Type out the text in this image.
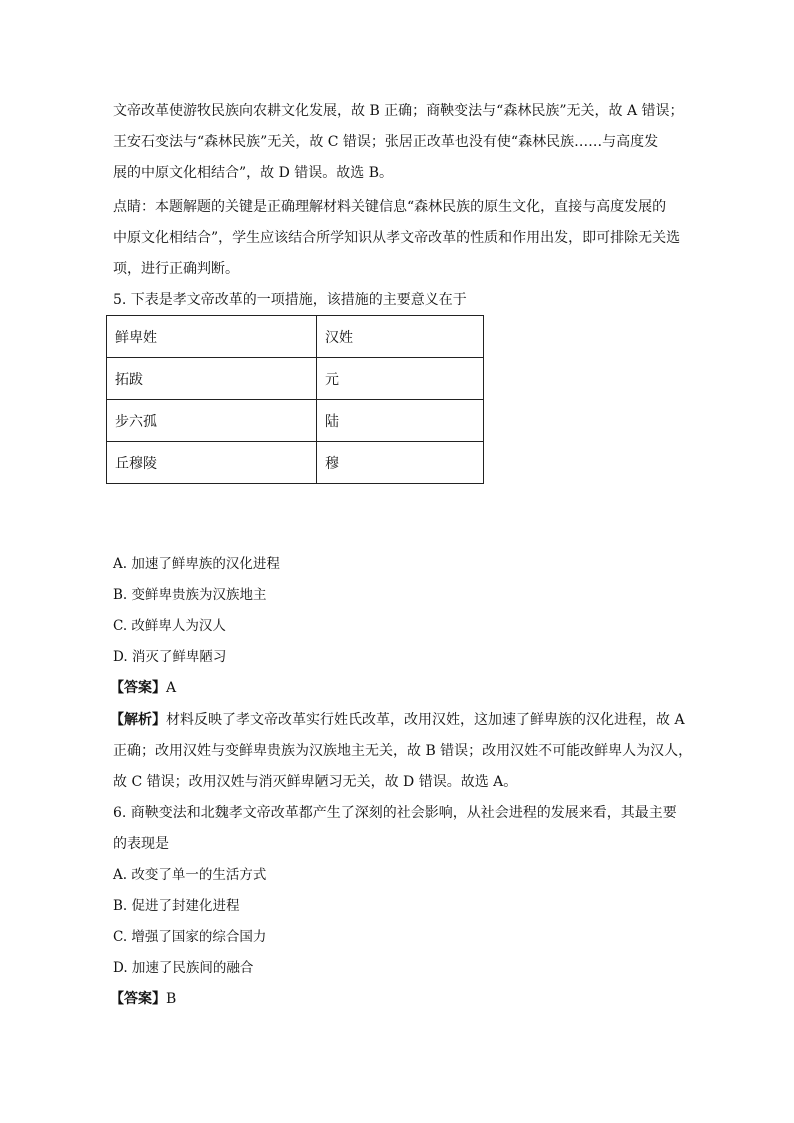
文帝改革使游牧民族向农耕文化发展，故 B 正确；商鞅变法与“森林民族”无关，故 A 错误；
王安石变法与“森林民族”无关，故 C 错误；张居正改革也没有使“森林民族……与高度发
展的中原文化相结合”，故 D 错误。故选 B。
点睛：本题解题的关键是正确理解材料关键信息“森林民族的原生文化，直接与高度发展的
中原文化相结合”，学生应该结合所学知识从孝文帝改革的性质和作用出发，即可排除无关选
项，进行正确判断。
5. 下表是孝文帝改革的一项措施，该措施的主要意义在于
鲜卑姓	汉姓
拓跋	元
步六孤	陆
丘穆陵	穆
A. 加速了鲜卑族的汉化进程
B. 变鲜卑贵族为汉族地主
C. 改鲜卑人为汉人
D. 消灭了鲜卑陋习
【答案】A
【解析】材料反映了孝文帝改革实行姓氏改革，改用汉姓，这加速了鲜卑族的汉化进程，故 A
正确；改用汉姓与变鲜卑贵族为汉族地主无关，故 B 错误；改用汉姓不可能改鲜卑人为汉人，
故 C 错误；改用汉姓与消灭鲜卑陋习无关，故 D 错误。故选 A。
6. 商鞅变法和北魏孝文帝改革都产生了深刻的社会影响，从社会进程的发展来看，其最主要
的表现是
A. 改变了单一的生活方式
B. 促进了封建化进程
C. 增强了国家的综合国力
D. 加速了民族间的融合
【答案】B
